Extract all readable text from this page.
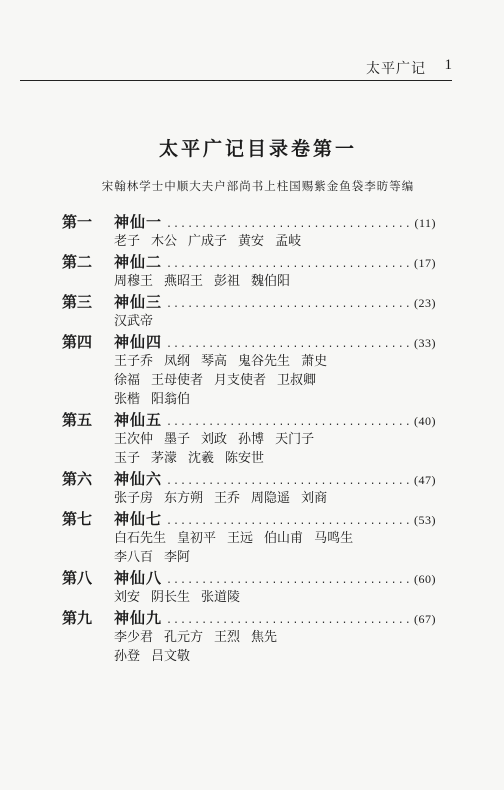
太平广记 1
太平广记目录卷第一
宋翰林学士中顺大夫户部尚书上柱国赐紫金鱼袋李昉等编
第一	神仙一 .....	(11)
老子 木公 广成子 黄安 孟岐
第二	神仙二 .....	(17)
周穆王 燕昭王 彭祖 魏伯阳
第三	神仙三 .....	(23)
汉武帝
第四	神仙四 .....	(33)
王子乔 凤纲 琴高 鬼谷先生 萧史
徐福 王母使者 月支使者 卫叔卿
张楷 阳翁伯
第五	神仙五 .....	(40)
王次仲 墨子 刘政 孙博 天门子
玉子 茅濛 沈羲 陈安世
第六	神仙六 .....	(47)
张子房 东方朔 王乔 周隐遥 刘商
第七	神仙七 .....	(53)
白石先生 皇初平 王远 伯山甫 马鸣生
李八百 李阿
第八	神仙八 .....	(60)
刘安 阴长生 张道陵
第九	神仙九 .....	(67)
李少君 孔元方 王烈 焦先
孙登 吕文敬
